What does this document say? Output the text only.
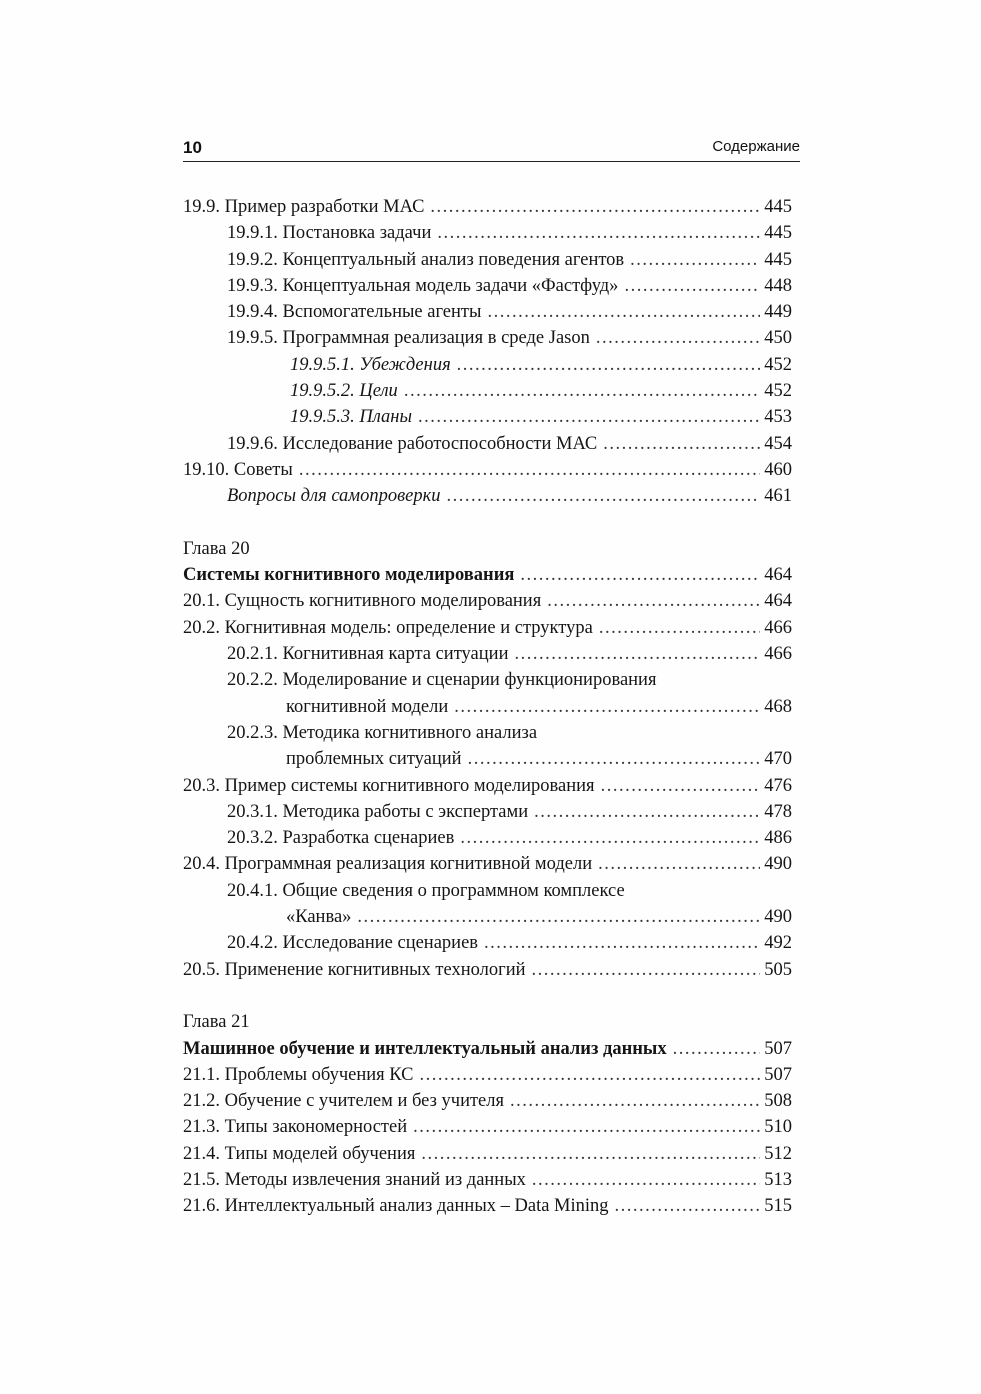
10	Содержание
19.9. Пример разработки МАС .....	445
19.9.1. Постановка задачи .....	445
19.9.2. Концептуальный анализ поведения агентов .....	445
19.9.3. Концептуальная модель задачи «Фастфуд» .....	448
19.9.4. Вспомогательные агенты .....	449
19.9.5. Программная реализация в среде Jason .....	450
19.9.5.1. Убеждения .....	452
19.9.5.2. Цели .....	452
19.9.5.3. Планы .....	453
19.9.6. Исследование работоспособности МАС .....	454
19.10. Советы .....	460
Вопросы для самопроверки .....	461
Глава 20
Системы когнитивного моделирования .....	464
20.1. Сущность когнитивного моделирования .....	464
20.2. Когнитивная модель: определение и структура .....	466
20.2.1. Когнитивная карта ситуации .....	466
20.2.2. Моделирование и сценарии функционирования
когнитивной модели .....	468
20.2.3. Методика когнитивного анализа
проблемных ситуаций .....	470
20.3. Пример системы когнитивного моделирования .....	476
20.3.1. Методика работы с экспертами .....	478
20.3.2. Разработка сценариев .....	486
20.4. Программная реализация когнитивной модели .....	490
20.4.1. Общие сведения о программном комплексе
«Канва» .....	490
20.4.2. Исследование сценариев .....	492
20.5. Применение когнитивных технологий .....	505
Глава 21
Машинное обучение и интеллектуальный анализ данных .....	507
21.1. Проблемы обучения КС .....	507
21.2. Обучение с учителем и без учителя .....	508
21.3. Типы закономерностей .....	510
21.4. Типы моделей обучения .....	512
21.5. Методы извлечения знаний из данных .....	513
21.6. Интеллектуальный анализ данных – Data Mining .....	515
